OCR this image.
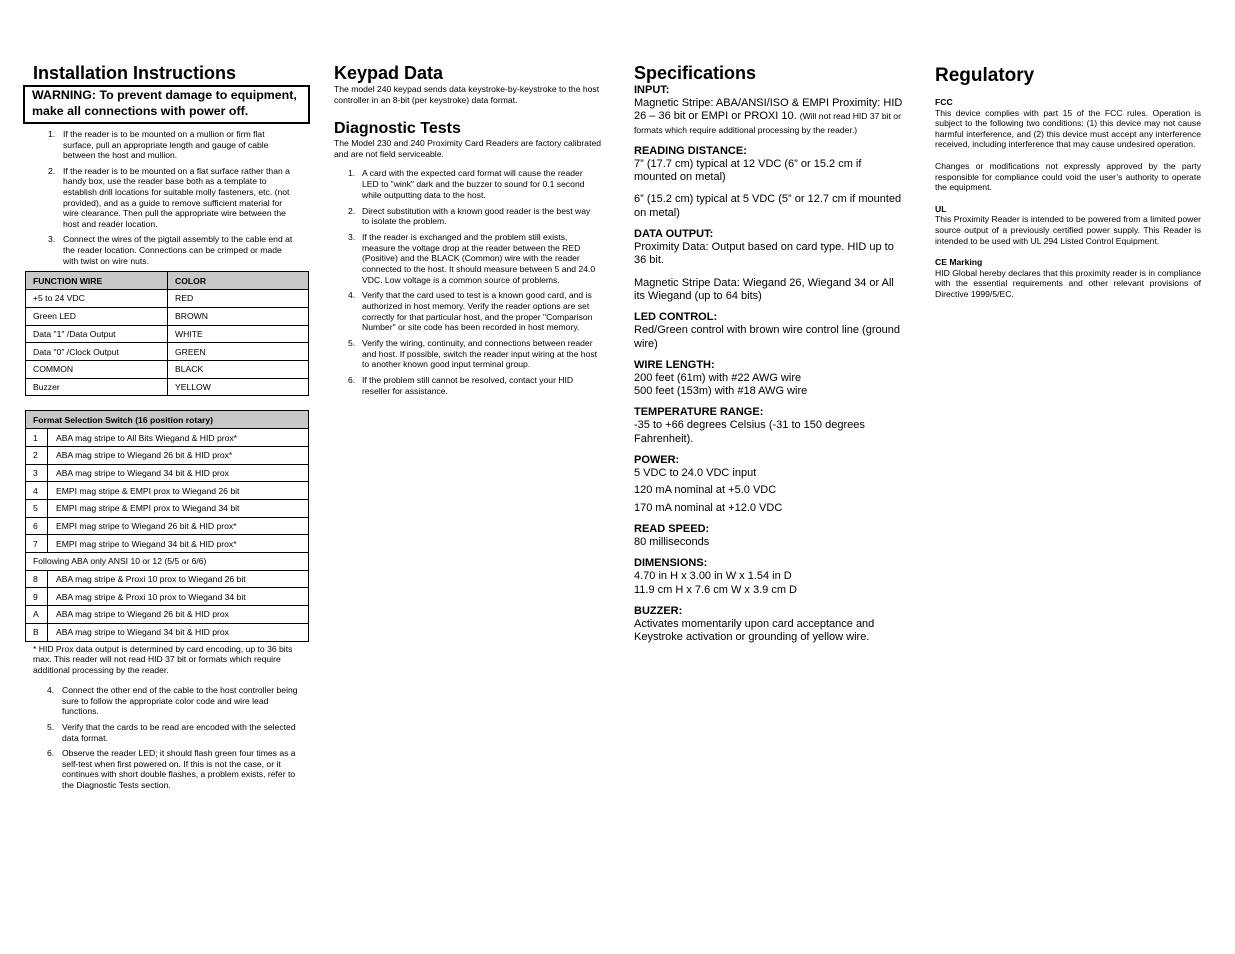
Installation Instructions
WARNING: To prevent damage to equipment, make all connections with power off.
1. If the reader is to be mounted on a mullion or firm flat surface, pull an appropriate length and gauge of cable between the host and mullion.
2. If the reader is to be mounted on a flat surface rather than a handy box, use the reader base both as a template to establish drill locations for suitable molly fasteners, etc. (not provided), and as a guide to remove sufficient material for wire clearance. Then pull the appropriate wire between the host and reader location.
3. Connect the wires of the pigtail assembly to the cable end at the reader location. Connections can be crimped or made with twist on wire nuts.
FUNCTION WIRE	COLOR
+5 to 24 VDC	RED
Green LED	BROWN
Data "1" /Data Output	WHITE
Data "0" /Clock Output	GREEN
COMMON	BLACK
Buzzer	YELLOW
Format Selection Switch (16 position rotary)	
1	ABA mag stripe to All Bits Wiegand & HID prox*
2	ABA mag stripe to Wiegand 26 bit & HID prox*
3	ABA mag stripe to Wiegand 34 bit & HID prox
4	EMPI mag stripe & EMPI prox to Wiegand 26 bit
5	EMPI mag stripe & EMPI prox to Wiegand 34 bit
6	EMPI mag stripe to Wiegand 26 bit & HID prox*
7	EMPI mag stripe to Wiegand 34 bit & HID prox*
Following ABA only ANSI 10 or 12 (5/5 or 6/6)	
8	ABA mag stripe & Proxi 10 prox to Wiegand 26 bit
9	ABA mag stripe & Proxi 10 prox to Wiegand 34 bit
A	ABA mag stripe to Wiegand 26 bit & HID prox
B	ABA mag stripe to Wiegand 34 bit & HID prox
* HID Prox data output is determined by card encoding, up to 36 bits max. This reader will not read HID 37 bit or formats which require additional processing by the reader.
4. Connect the other end of the cable to the host controller being sure to follow the appropriate color code and wire lead functions.
5. Verify that the cards to be read are encoded with the selected data format.
6. Observe the reader LED; it should flash green four times as a self-test when first powered on. If this is not the case, or it continues with short double flashes, a problem exists, refer to the Diagnostic Tests section.
Keypad Data

The model 240 keypad sends data keystroke-by-keystroke to the host controller in an 8-bit (per keystroke) data format.

Diagnostic Tests

The Model 230 and 240 Proximity Card Readers are factory calibrated and are not field serviceable.

1. A card with the expected card format will cause the reader LED to "wink" dark and the buzzer to sound for 0.1 second while outputting data to the host.
2. Direct substitution with a known good reader is the best way to isolate the problem.
3. If the reader is exchanged and the problem still exists, measure the voltage drop at the reader between the RED (Positive) and the BLACK (Common) wire with the reader connected to the host. It should measure between 5 and 24.0 VDC. Low voltage is a common source of problems.
4. Verify that the card used to test is a known good card, and is authorized in host memory. Verify the reader options are set correctly for that particular host, and the proper "Comparison Number" or site code has been recorded in host memory.
5. Verify the wiring, continuity, and connections between reader and host. If possible, switch the reader input wiring at the host to another known good input terminal group.
6. If the problem still cannot be resolved, contact your HID reseller for assistance.
Specifications
INPUT:
Magnetic Stripe: ABA/ANSI/ISO & EMPI Proximity: HID 26 – 36 bit or EMPI or PROXI 10. (Will not read HID 37 bit or formats which require additional processing by the reader.)
READING DISTANCE:
7” (17.7 cm) typical at 12 VDC (6” or 15.2 cm if mounted on metal)
6” (15.2 cm) typical at 5 VDC (5” or 12.7 cm if mounted on metal)
DATA OUTPUT:
Proximity Data: Output based on card type. HID up to 36 bit.
Magnetic Stripe Data: Wiegand 26, Wiegand 34 or All its Wiegand (up to 64 bits)
LED CONTROL:
Red/Green control with brown wire control line (ground wire)
WIRE LENGTH:
200 feet (61m) with #22 AWG wire
500 feet (153m) with #18 AWG wire
TEMPERATURE RANGE:
-35 to +66 degrees Celsius (-31 to 150 degrees Fahrenheit).
POWER:
5 VDC to 24.0 VDC input
120 mA nominal at +5.0 VDC
170 mA nominal at +12.0 VDC
READ SPEED:
80 milliseconds
DIMENSIONS:
4.70 in H x 3.00 in W x 1.54 in D
11.9 cm H x 7.6 cm W x 3.9 cm D
BUZZER:
Activates momentarily upon card acceptance and Keystroke activation or grounding of yellow wire.
Regulatory
FCC

This device complies with part 15 of the FCC rules. Operation is subject to the following two conditions: (1) this device may not cause harmful interference, and (2) this device must accept any interference received, including interference that may cause undesired operation.

Changes or modifications not expressly approved by the party responsible for compliance could void the user’s authority to operate the equipment.

UL

This Proximity Reader is intended to be powered from a limited power source output of a previously certified power supply. This Reader is intended to be used with UL 294 Listed Control Equipment.

CE Marking

HID Global hereby declares that this proximity reader is in compliance with the essential requirements and other relevant provisions of Directive 1999/5/EC.
